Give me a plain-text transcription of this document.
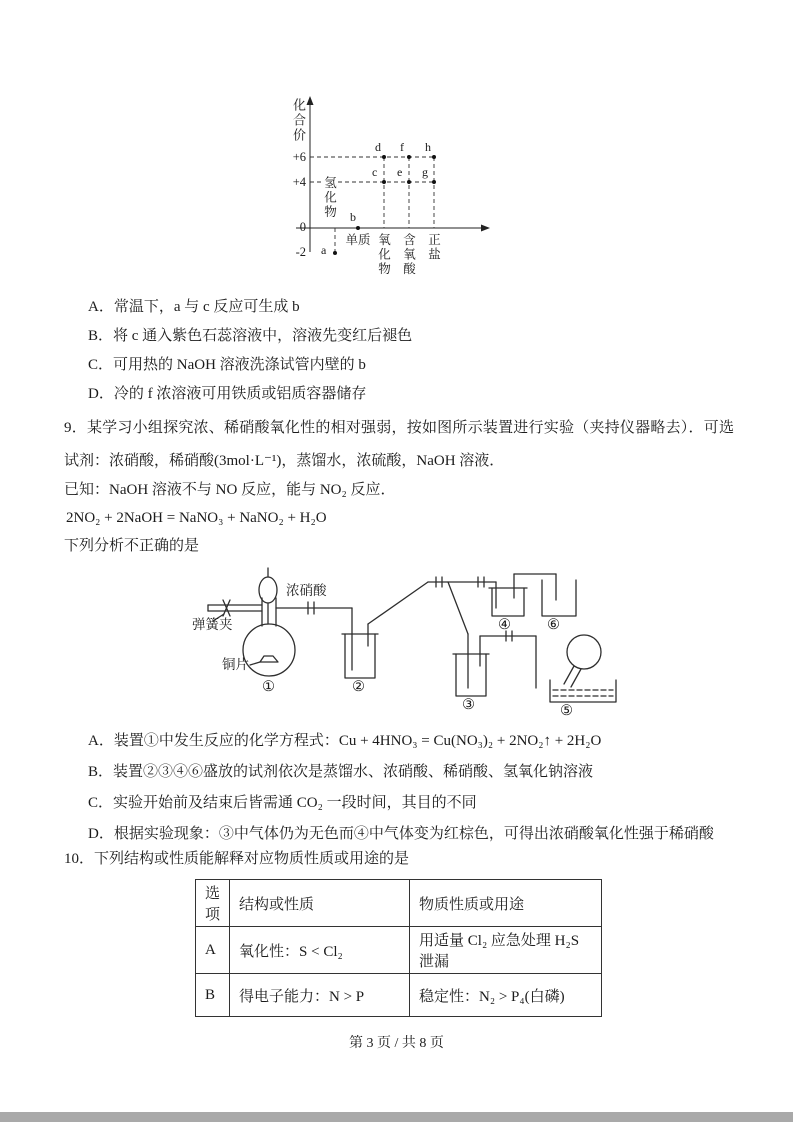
化合价
+6
+4
0
-2
氢化物
单质 氧化物 含氧酸 正盐
a
b
c
d
e
f
g
h
A．常温下，a 与 c 反应可生成 b
B．将 c 通入紫色石蕊溶液中，溶液先变红后褪色
C．可用热的 NaOH 溶液洗涤试管内壁的 b
D．冷的 f 浓溶液可用铁质或铝质容器储存
9．某学习小组探究浓、稀硝酸氧化性的相对强弱，按如图所示装置进行实验（夹持仪器略去）．可选试剂：浓硝酸，稀硝酸(3mol·L⁻¹)，蒸馏水，浓硫酸，NaOH 溶液．
已知：NaOH 溶液不与 NO 反应，能与 NO₂ 反应．
2NO₂ + 2NaOH = NaNO₃ + NaNO₂ + H₂O
下列分析不正确的是
弹簧夹
浓硝酸
铜片
①	②
③
④
⑤
⑥
A．装置①中发生反应的化学方程式：Cu + 4HNO₃ = Cu(NO₃)₂ + 2NO₂↑ + 2H₂O
B．装置②③④⑥盛放的试剂依次是蒸馏水、浓硝酸、稀硝酸、氢氧化钠溶液
C．实验开始前及结束后皆需通 CO₂ 一段时间，其目的不同
D．根据实验现象：③中气体仍为无色而④中气体变为红棕色，可得出浓硝酸氧化性强于稀硝酸
10．下列结构或性质能解释对应物质性质或用途的是
选项	结构或性质	物质性质或用途
A	氧化性：S < Cl₂	用适量 Cl₂ 应急处理 H₂S 泄漏
B	得电子能力：N > P	稳定性：N₂ > P₄(白磷)
第 3 页 / 共 8 页
